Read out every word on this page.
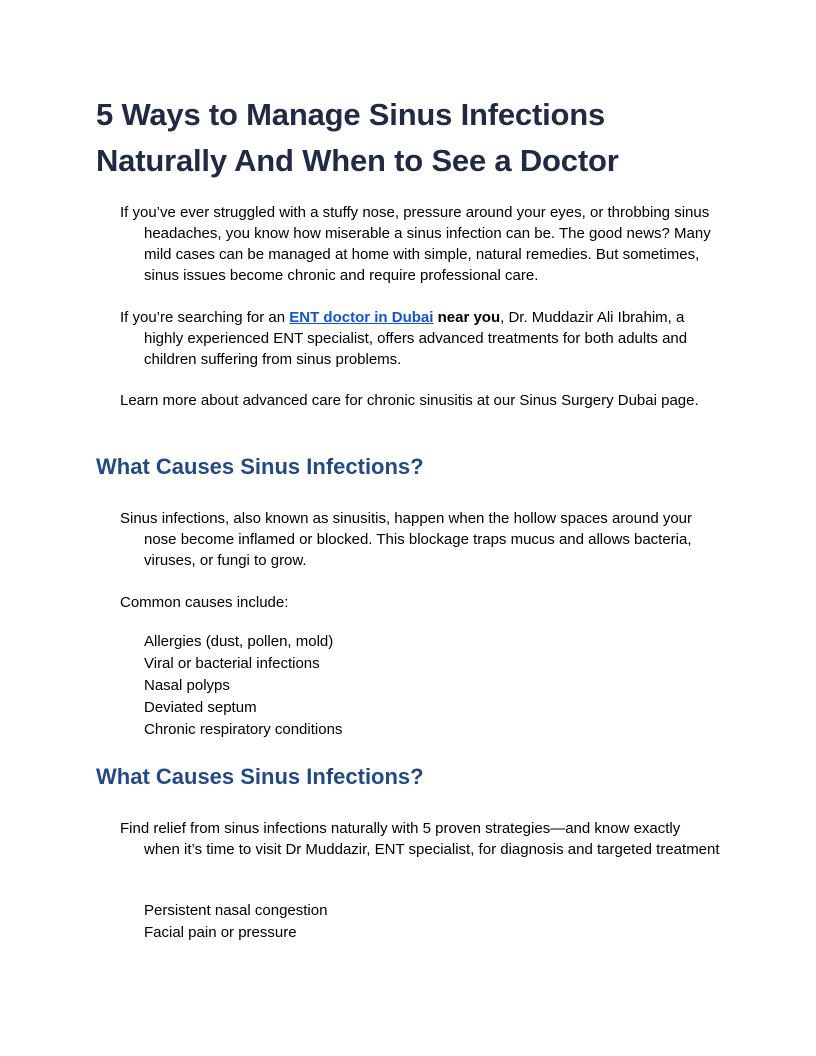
5 Ways to Manage Sinus Infections Naturally And When to See a Doctor

If you’ve ever struggled with a stuffy nose, pressure around your eyes, or throbbing sinus headaches, you know how miserable a sinus infection can be. The good news? Many mild cases can be managed at home with simple, natural remedies. But sometimes, sinus issues become chronic and require professional care.

If you’re searching for an ENT doctor in Dubai near you, Dr. Muddazir Ali Ibrahim, a highly experienced ENT specialist, offers advanced treatments for both adults and children suffering from sinus problems.

Learn more about advanced care for chronic sinusitis at our Sinus Surgery Dubai page.

What Causes Sinus Infections?

Sinus infections, also known as sinusitis, happen when the hollow spaces around your nose become inflamed or blocked. This blockage traps mucus and allows bacteria, viruses, or fungi to grow.

Common causes include:

Allergies (dust, pollen, mold)
Viral or bacterial infections
Nasal polyps
Deviated septum
Chronic respiratory conditions
What Causes Sinus Infections?

Find relief from sinus infections naturally with 5 proven strategies—and know exactly when it’s time to visit Dr Muddazir, ENT specialist, for diagnosis and targeted treatment

Persistent nasal congestion
Facial pain or pressure
